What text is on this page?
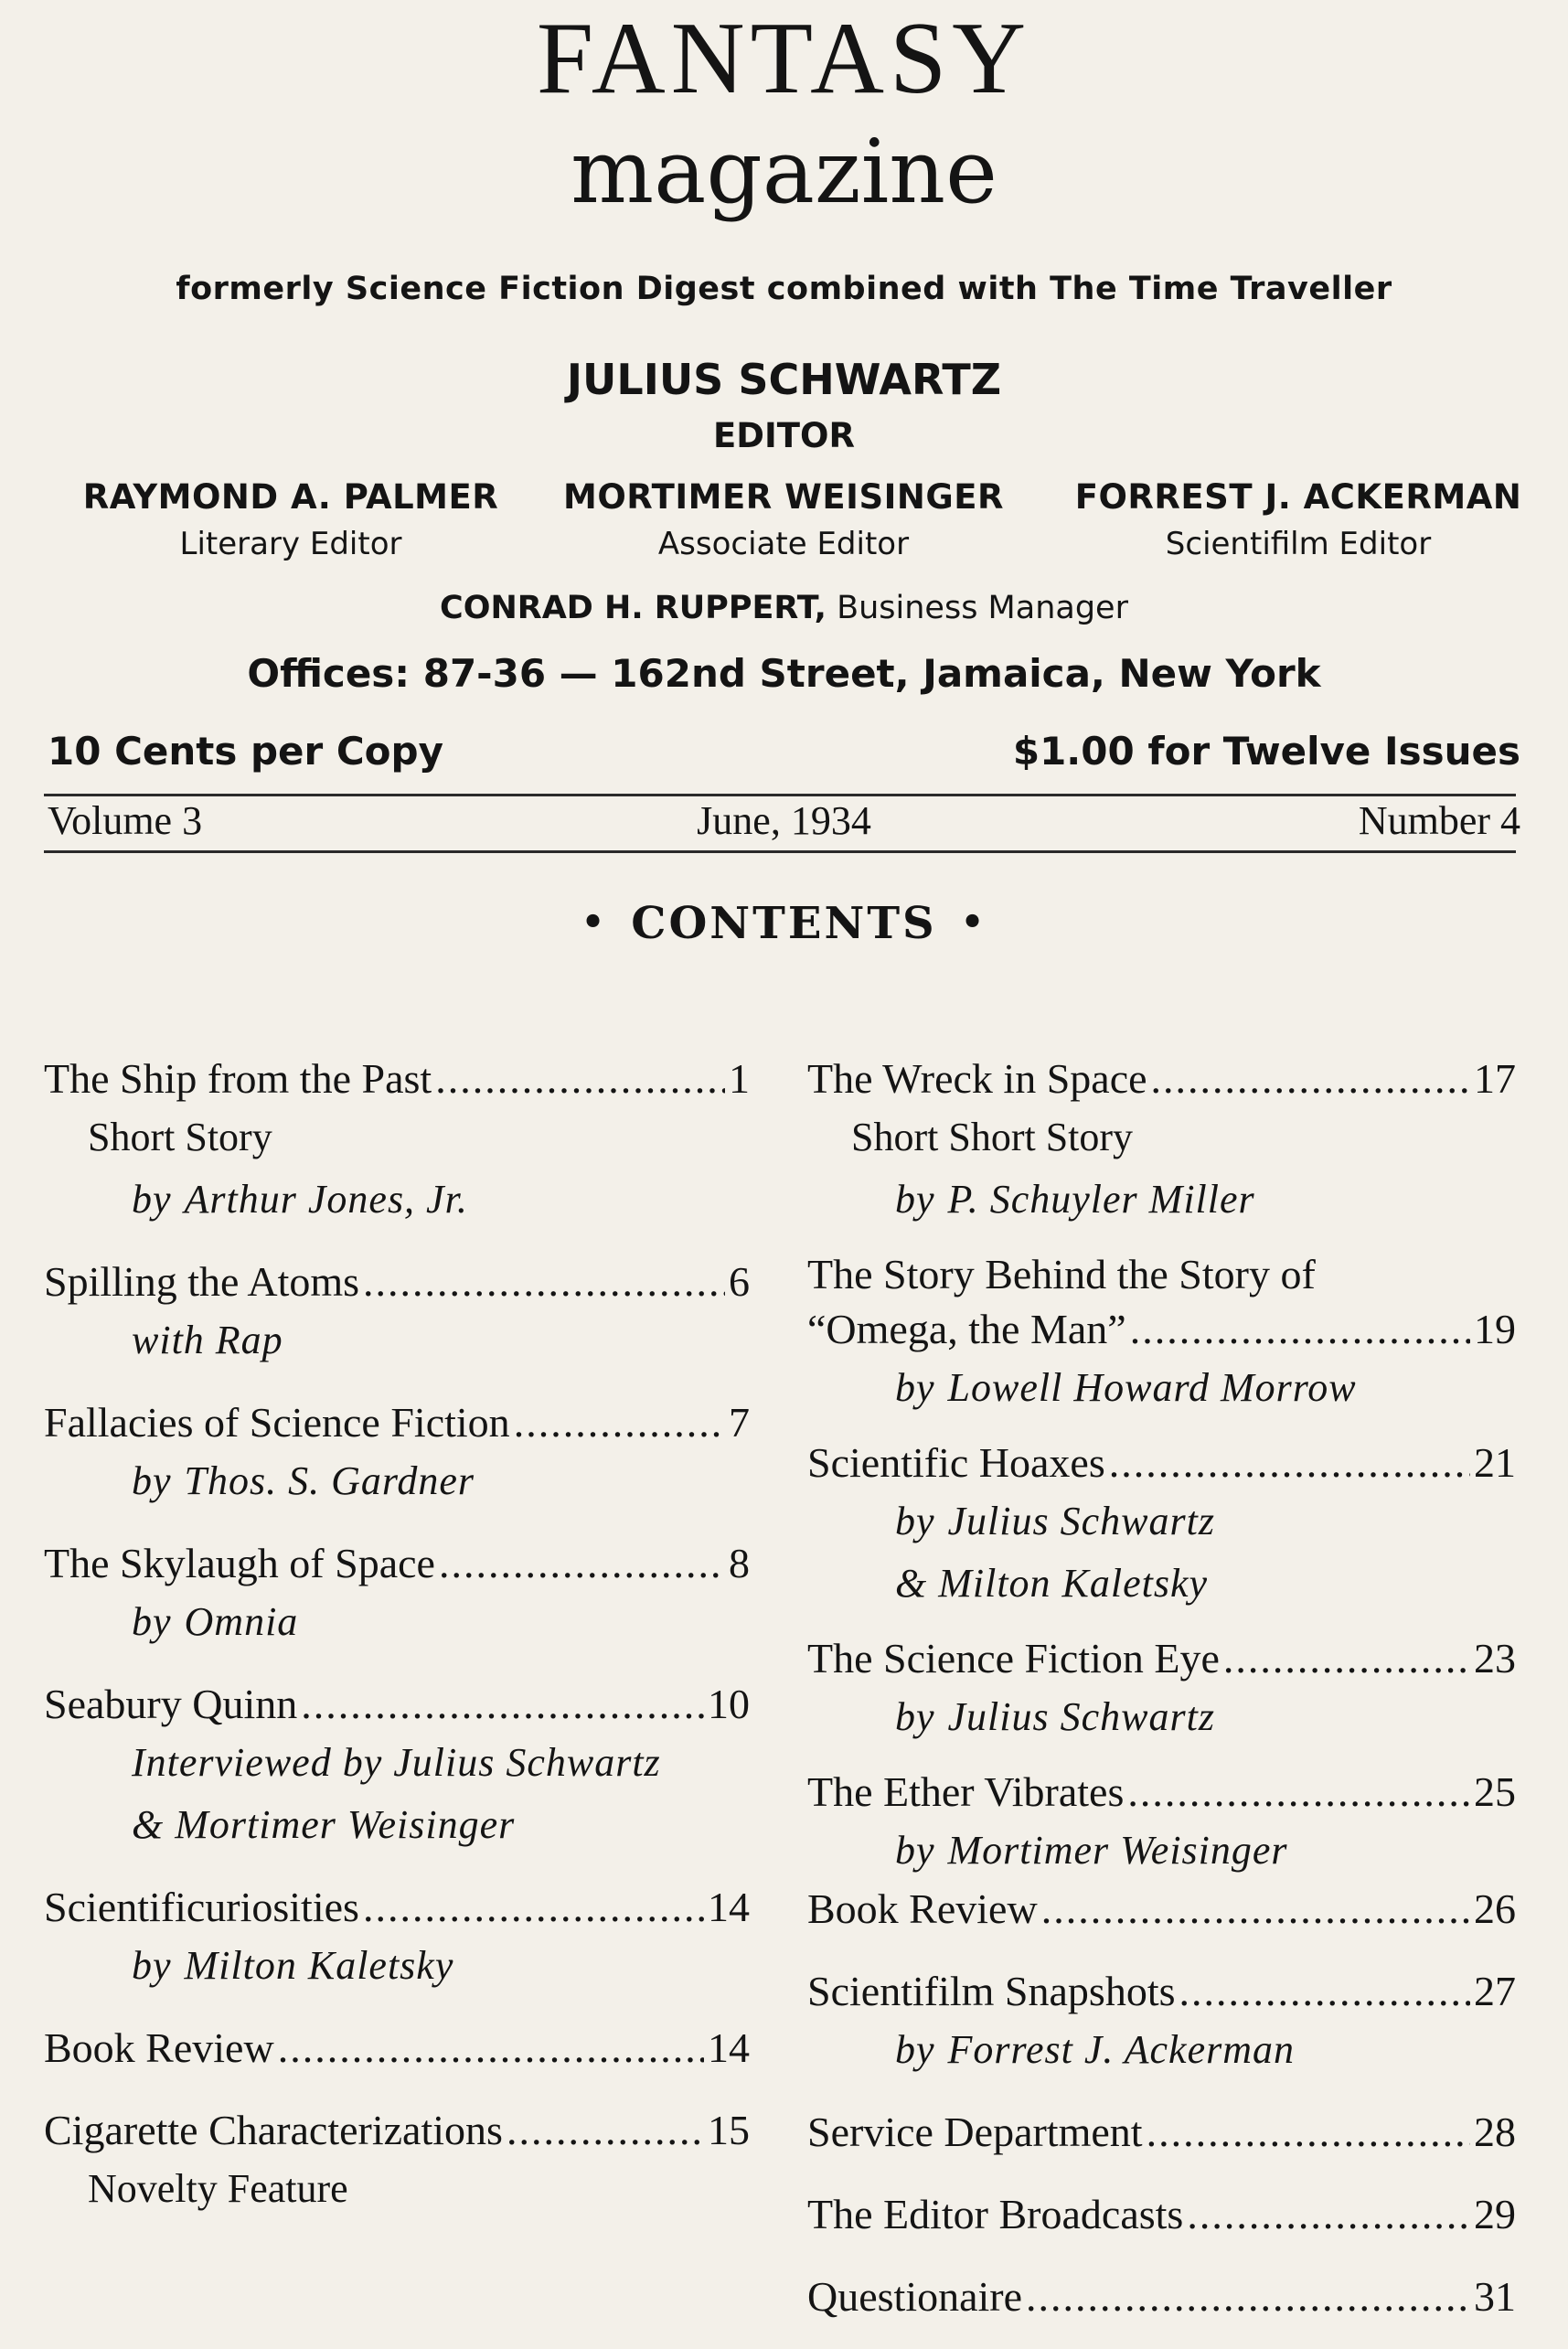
FANTASY
magazine
formerly Science Fiction Digest combined with The Time Traveller
JULIUS SCHWARTZ
EDITOR
RAYMOND A. PALMER
Literary Editor
MORTIMER WEISINGER
Associate Editor
FORREST J. ACKERMAN
Scientifilm Editor
CONRAD H. RUPPERT, Business Manager
Offices: 87-36 — 162nd Street, Jamaica, New York
10 Cents per Copy	$1.00 for Twelve Issues
Volume 3	June, 1934	Number 4
• CONTENTS •
The Ship from the Past .....	1
Short Story
by Arthur Jones, Jr.
Spilling the Atoms .....	6
with Rap
Fallacies of Science Fiction .....	7
by Thos. S. Gardner
The Skylaugh of Space .....	8
by Omnia
Seabury Quinn .....	10
Interviewed by Julius Schwartz
& Mortimer Weisinger
Scientificuriosities .....	14
by Milton Kaletsky
Book Review .....	14
Cigarette Characterizations .....	15
Novelty Feature
The Wreck in Space .....	17
Short Short Story
by P. Schuyler Miller
The Story Behind the Story of
“Omega, the Man” .....	19
by Lowell Howard Morrow
Scientific Hoaxes .....	21
by Julius Schwartz
& Milton Kaletsky
The Science Fiction Eye .....	23
by Julius Schwartz
The Ether Vibrates .....	25
by Mortimer Weisinger
Book Review .....	26
Scientifilm Snapshots .....	27
by Forrest J. Ackerman
Service Department .....	28
The Editor Broadcasts .....	29
Questionaire .....	31
